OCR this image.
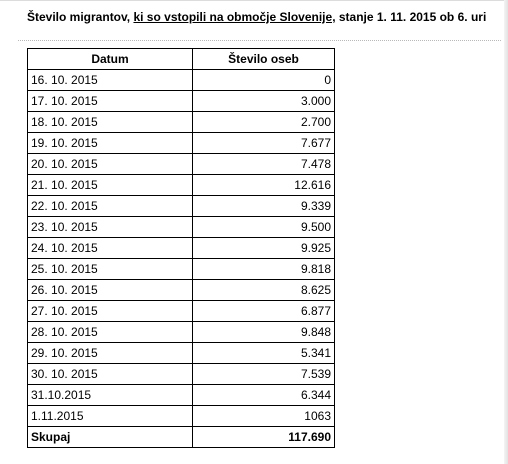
Število migrantov, ki so vstopili na območje Slovenije, stanje 1. 11. 2015 ob 6. uri
Datum	Število oseb
16. 10. 2015	0
17. 10. 2015	3.000
18. 10. 2015	2.700
19. 10. 2015	7.677
20. 10. 2015	7.478
21. 10. 2015	12.616
22. 10. 2015	9.339
23. 10. 2015	9.500
24. 10. 2015	9.925
25. 10. 2015	9.818
26. 10. 2015	8.625
27. 10. 2015	6.877
28. 10. 2015	9.848
29. 10. 2015	5.341
30. 10. 2015	7.539
31.10.2015	6.344
1.11.2015	1063
Skupaj	117.690
